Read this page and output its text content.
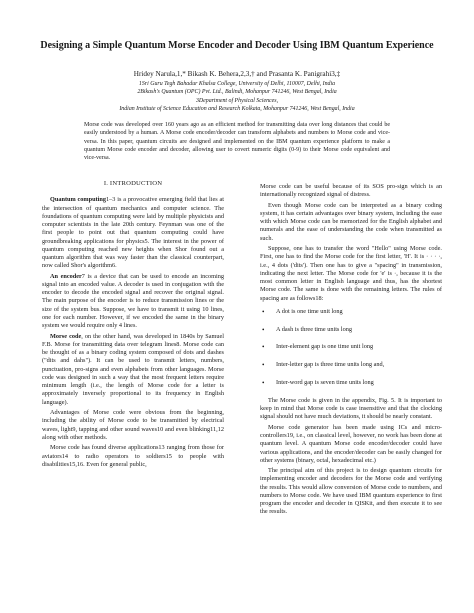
Designing a Simple Quantum Morse Encoder and Decoder Using IBM Quantum Experience
Hridey Narula,1,* Bikash K. Behera,2,3,† and Prasanta K. Panigrahi3,‡
1Sri Guru Tegh Bahadur Khalsa College, University of Delhi, 110007, Delhi, India
2Bikash's Quantum (OPC) Pvt. Ltd., Balindi, Mohanpur 741246, West Bengal, India
3Department of Physical Sciences,
Indian Institute of Science Education and Research Kolkata, Mohanpur 741246, West Bengal, India
Morse code was developed over 160 years ago as an efficient method for transmitting data over long distances that could be easily understood by a human. A Morse code encoder/decoder can transform alphabets and numbers to Morse code and vice-versa. In this paper, quantum circuits are designed and implemented on the IBM quantum experience platform to make a quantum Morse code encoder and decoder, allowing user to covert numeric digits (0-9) to their Morse code equivalent and vice-versa.
I. INTRODUCTION

Quantum computing1–3 is a provocative emerging field that lies at the intersection of quantum mechanics and computer science. The foundations of quantum computing were laid by multiple physicists and computer scientists in the late 20th century. Feynman was one of the first people to point out that quantum computing could have groundbreaking applications for physics5. The interest in the power of quantum computing reached new heights when Shor found out a quantum algorithm that was way faster than the classical counterpart, now called Shor's algorithm6.

An encoder7 is a device that can be used to encode an incoming signal into an encoded value. A decoder is used in conjugation with the encoder to decode the encoded signal and recover the original signal. The main purpose of the encoder is to reduce transmission lines or the size of the system bus. Suppose, we have to transmit it using 10 lines, one for each number. However, if we encoded the same in the binary system we would require only 4 lines.

Morse code, on the other hand, was developed in 1840s by Samuel F.B. Morse for transmitting data over telegram lines8. Morse code can be thought of as a binary coding system composed of dots and dashes ("dits and dahs"). It can be used to transmit letters, numbers, punctuation, pro-signs and even alphabets from other languages. Morse code was designed in such a way that the most frequent letters require minimum length (i.e., the length of Morse code for a letter is approximately inversely proportional to its frequency in English language).

Advantages of Morse code were obvious from the beginning, including the ability of Morse code to be transmitted by electrical waves, light9, tapping and other sound waves10 and even blinking11,12 along with other methods.

Morse code has found diverse applications13 ranging from those for aviators14 to radio operators to soldiers15 to people with disabilities15,16. Even for general public,

Morse code can be useful because of its SOS pro-sign which is an internationally recognized signal of distress.

Even though Morse code can be interpreted as a binary coding system, it has certain advantages over binary system, including the ease with which Morse code can be memorized for the English alphabet and numerals and the ease of understanding the code when transmitted as such.

Suppose, one has to transfer the word "Hello" using Morse code. First, one has to find the Morse code for the first letter, 'H'. It is · · · ·, i.e., 4 dots ('dits'). Then one has to give a "spacing" in transmission, indicating the next letter. The Morse code for 'e' is ·, because it is the most common letter in English language and thus, has the shortest Morse code. The same is done with the remaining letters. The rules of spacing are as follows18:

• A dot is one time unit long
• A dash is three time units long
• Inter-element gap is one time unit long
• Inter-letter gap is three time units long and,
• Inter-word gap is seven time units long

The Morse code is given in the appendix, Fig. 5. It is important to keep in mind that Morse code is case insensitive and that the clocking signal should not have much deviations, it should be nearly constant.

Morse code generator has been made using ICs and micro-controllers19, i.e., on classical level, however, no work has been done at quantum level. A quantum Morse code encoder/decoder could have various applications, and the encoder/decoder can be easily changed for other systems (binary, octal, hexadecimal etc.)

The principal aim of this project is to design quantum circuits for implementing encoder and decoders for the Morse code and verifying the results. This would allow conversion of Morse code to numbers, and numbers to Morse code. We have used IBM quantum experience to first program the encoder and decoder in QISKit, and then execute it to see the results.
